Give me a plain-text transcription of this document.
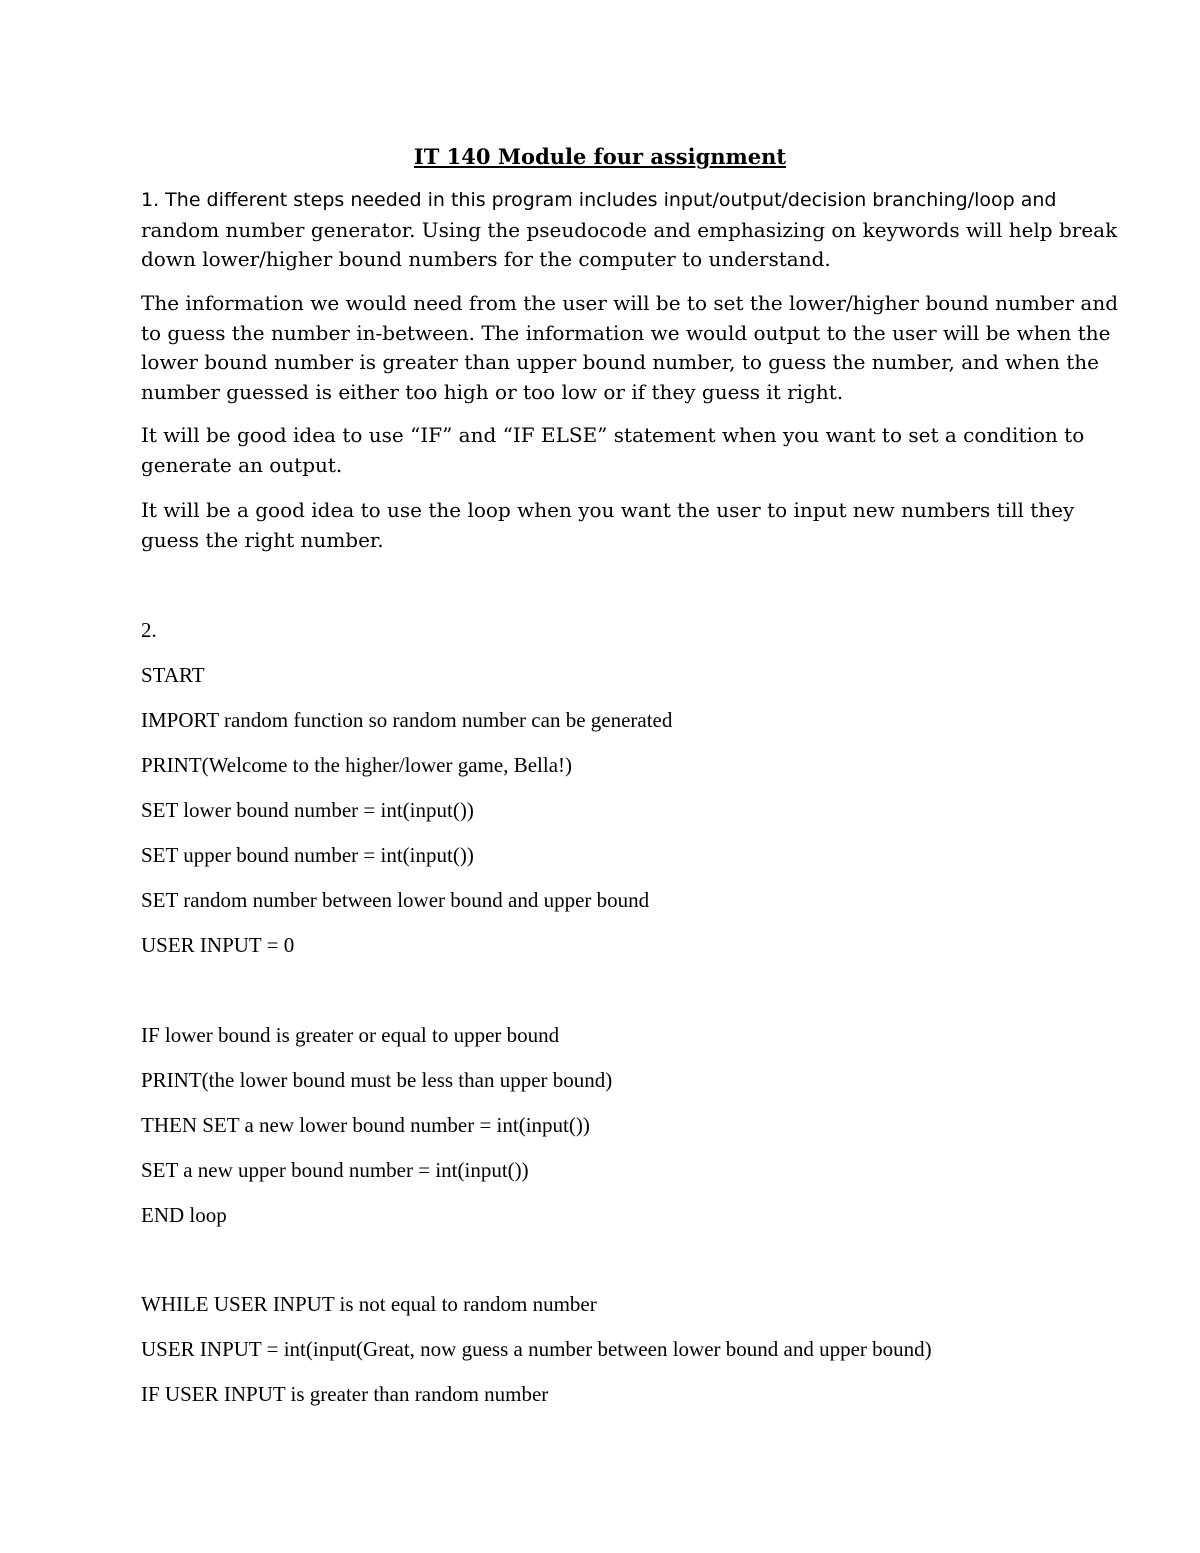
IT 140 Module four assignment

1. The different steps needed in this program includes input/output/decision branching/loop and
random number generator. Using the pseudocode and emphasizing on keywords will help break
down lower/higher bound numbers for the computer to understand.

The information we would need from the user will be to set the lower/higher bound number and
to guess the number in-between. The information we would output to the user will be when the
lower bound number is greater than upper bound number, to guess the number, and when the
number guessed is either too high or too low or if they guess it right.

It will be good idea to use “IF” and “IF ELSE” statement when you want to set a condition to
generate an output.

It will be a good idea to use the loop when you want the user to input new numbers till they
guess the right number.

2.

START

IMPORT random function so random number can be generated

PRINT(Welcome to the higher/lower game, Bella!)

SET lower bound number = int(input())

SET upper bound number = int(input())

SET random number between lower bound and upper bound

USER INPUT = 0

IF lower bound is greater or equal to upper bound

PRINT(the lower bound must be less than upper bound)

THEN SET a new lower bound number = int(input())

SET a new upper bound number = int(input())

END loop

WHILE USER INPUT is not equal to random number

USER INPUT = int(input(Great, now guess a number between lower bound and upper bound)

IF USER INPUT is greater than random number
